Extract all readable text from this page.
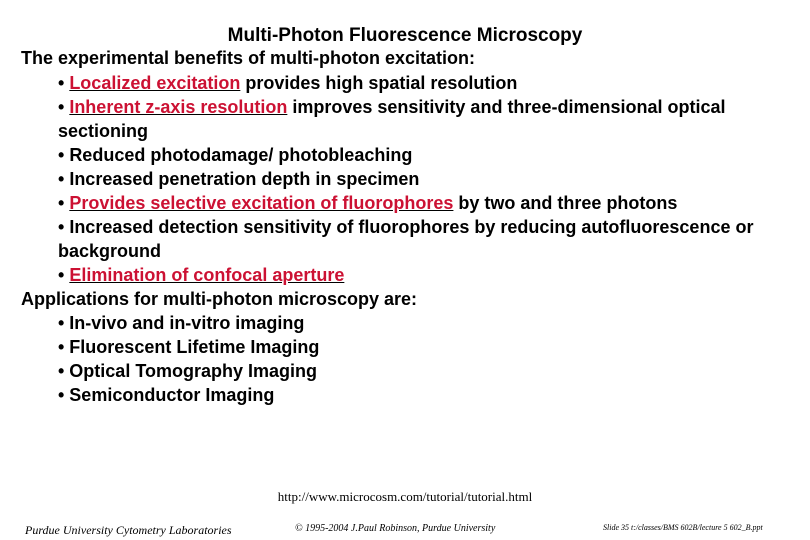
Multi-Photon Fluorescence Microscopy
The experimental benefits of multi-photon excitation:
• Localized excitation provides high spatial resolution
• Inherent z-axis resolution improves sensitivity and three-dimensional optical sectioning
• Reduced photodamage/ photobleaching
• Increased penetration depth in specimen
• Provides selective excitation of fluorophores by two and three photons
• Increased detection sensitivity of fluorophores by reducing autofluorescence or background
• Elimination of confocal aperture
Applications for multi-photon microscopy are:
• In-vivo and in-vitro imaging
• Fluorescent Lifetime Imaging
• Optical Tomography Imaging
• Semiconductor Imaging
http://www.microcosm.com/tutorial/tutorial.html
Purdue University Cytometry Laboratories	© 1995-2004 J.Paul Robinson, Purdue University	Slide 35 t:/classes/BMS 602B/lecture 5 602_B.ppt
